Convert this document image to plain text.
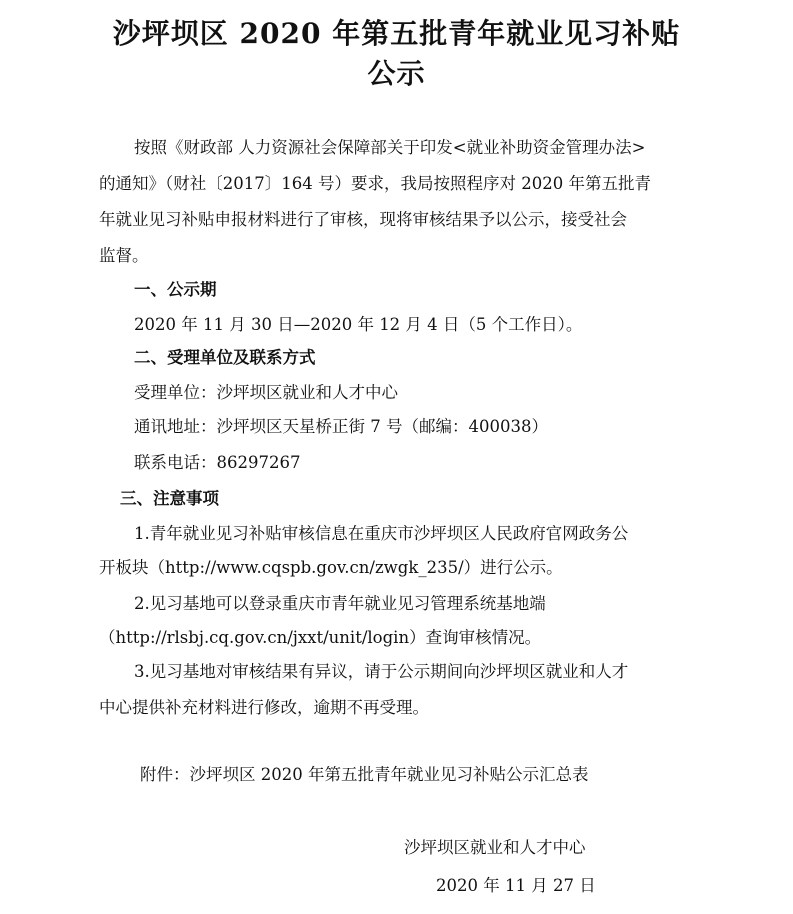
沙坪坝区 2020 年第五批青年就业见习补贴
公示
按照《财政部 人力资源社会保障部关于印发<就业补助资金管理办法>
的通知》（财社〔2017〕164 号）要求，我局按照程序对 2020 年第五批青
年就业见习补贴申报材料进行了审核，现将审核结果予以公示，接受社会
监督。
一、公示期
2020 年 11 月 30 日—2020 年 12 月 4 日（5 个工作日）。
二、受理单位及联系方式
受理单位：沙坪坝区就业和人才中心
通讯地址：沙坪坝区天星桥正街 7 号（邮编：400038）
联系电话：86297267
三、注意事项
1.青年就业见习补贴审核信息在重庆市沙坪坝区人民政府官网政务公
开板块（http://www.cqspb.gov.cn/zwgk_235/）进行公示。
2.见习基地可以登录重庆市青年就业见习管理系统基地端
（http://rlsbj.cq.gov.cn/jxxt/unit/login）查询审核情况。
3.见习基地对审核结果有异议，请于公示期间向沙坪坝区就业和人才
中心提供补充材料进行修改，逾期不再受理。
附件：沙坪坝区 2020 年第五批青年就业见习补贴公示汇总表
沙坪坝区就业和人才中心
2020 年 11 月 27 日
